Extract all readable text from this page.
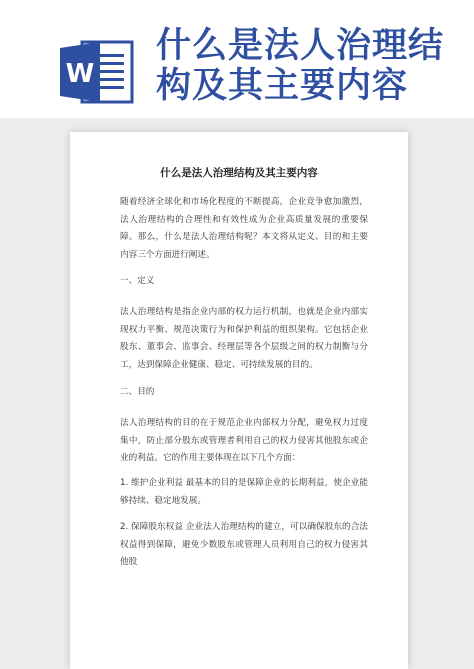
W
什么是法人治理结构及其主要内容
什么是法人治理结构及其主要内容

随着经济全球化和市场化程度的不断提高，企业竞争愈加激烈，法人治理结构的合理性和有效性成为企业高质量发展的重要保障。那么，什么是法人治理结构呢？本文将从定义、目的和主要内容三个方面进行阐述。

一、定义

法人治理结构是指企业内部的权力运行机制，也就是企业内部实现权力平衡、规范决策行为和保护利益的组织架构。它包括企业股东、董事会、监事会、经理层等各个层级之间的权力制衡与分工，达到保障企业健康、稳定、可持续发展的目的。

二、目的

法人治理结构的目的在于规范企业内部权力分配，避免权力过度集中，防止部分股东或管理者利用自己的权力侵害其他股东或企业的利益。它的作用主要体现在以下几个方面：

1. 维护企业利益 最基本的目的是保障企业的长期利益，使企业能够持续、稳定地发展。

2. 保障股东权益 企业法人治理结构的建立，可以确保股东的合法权益得到保障，避免少数股东或管理人员利用自己的权力侵害其他股
